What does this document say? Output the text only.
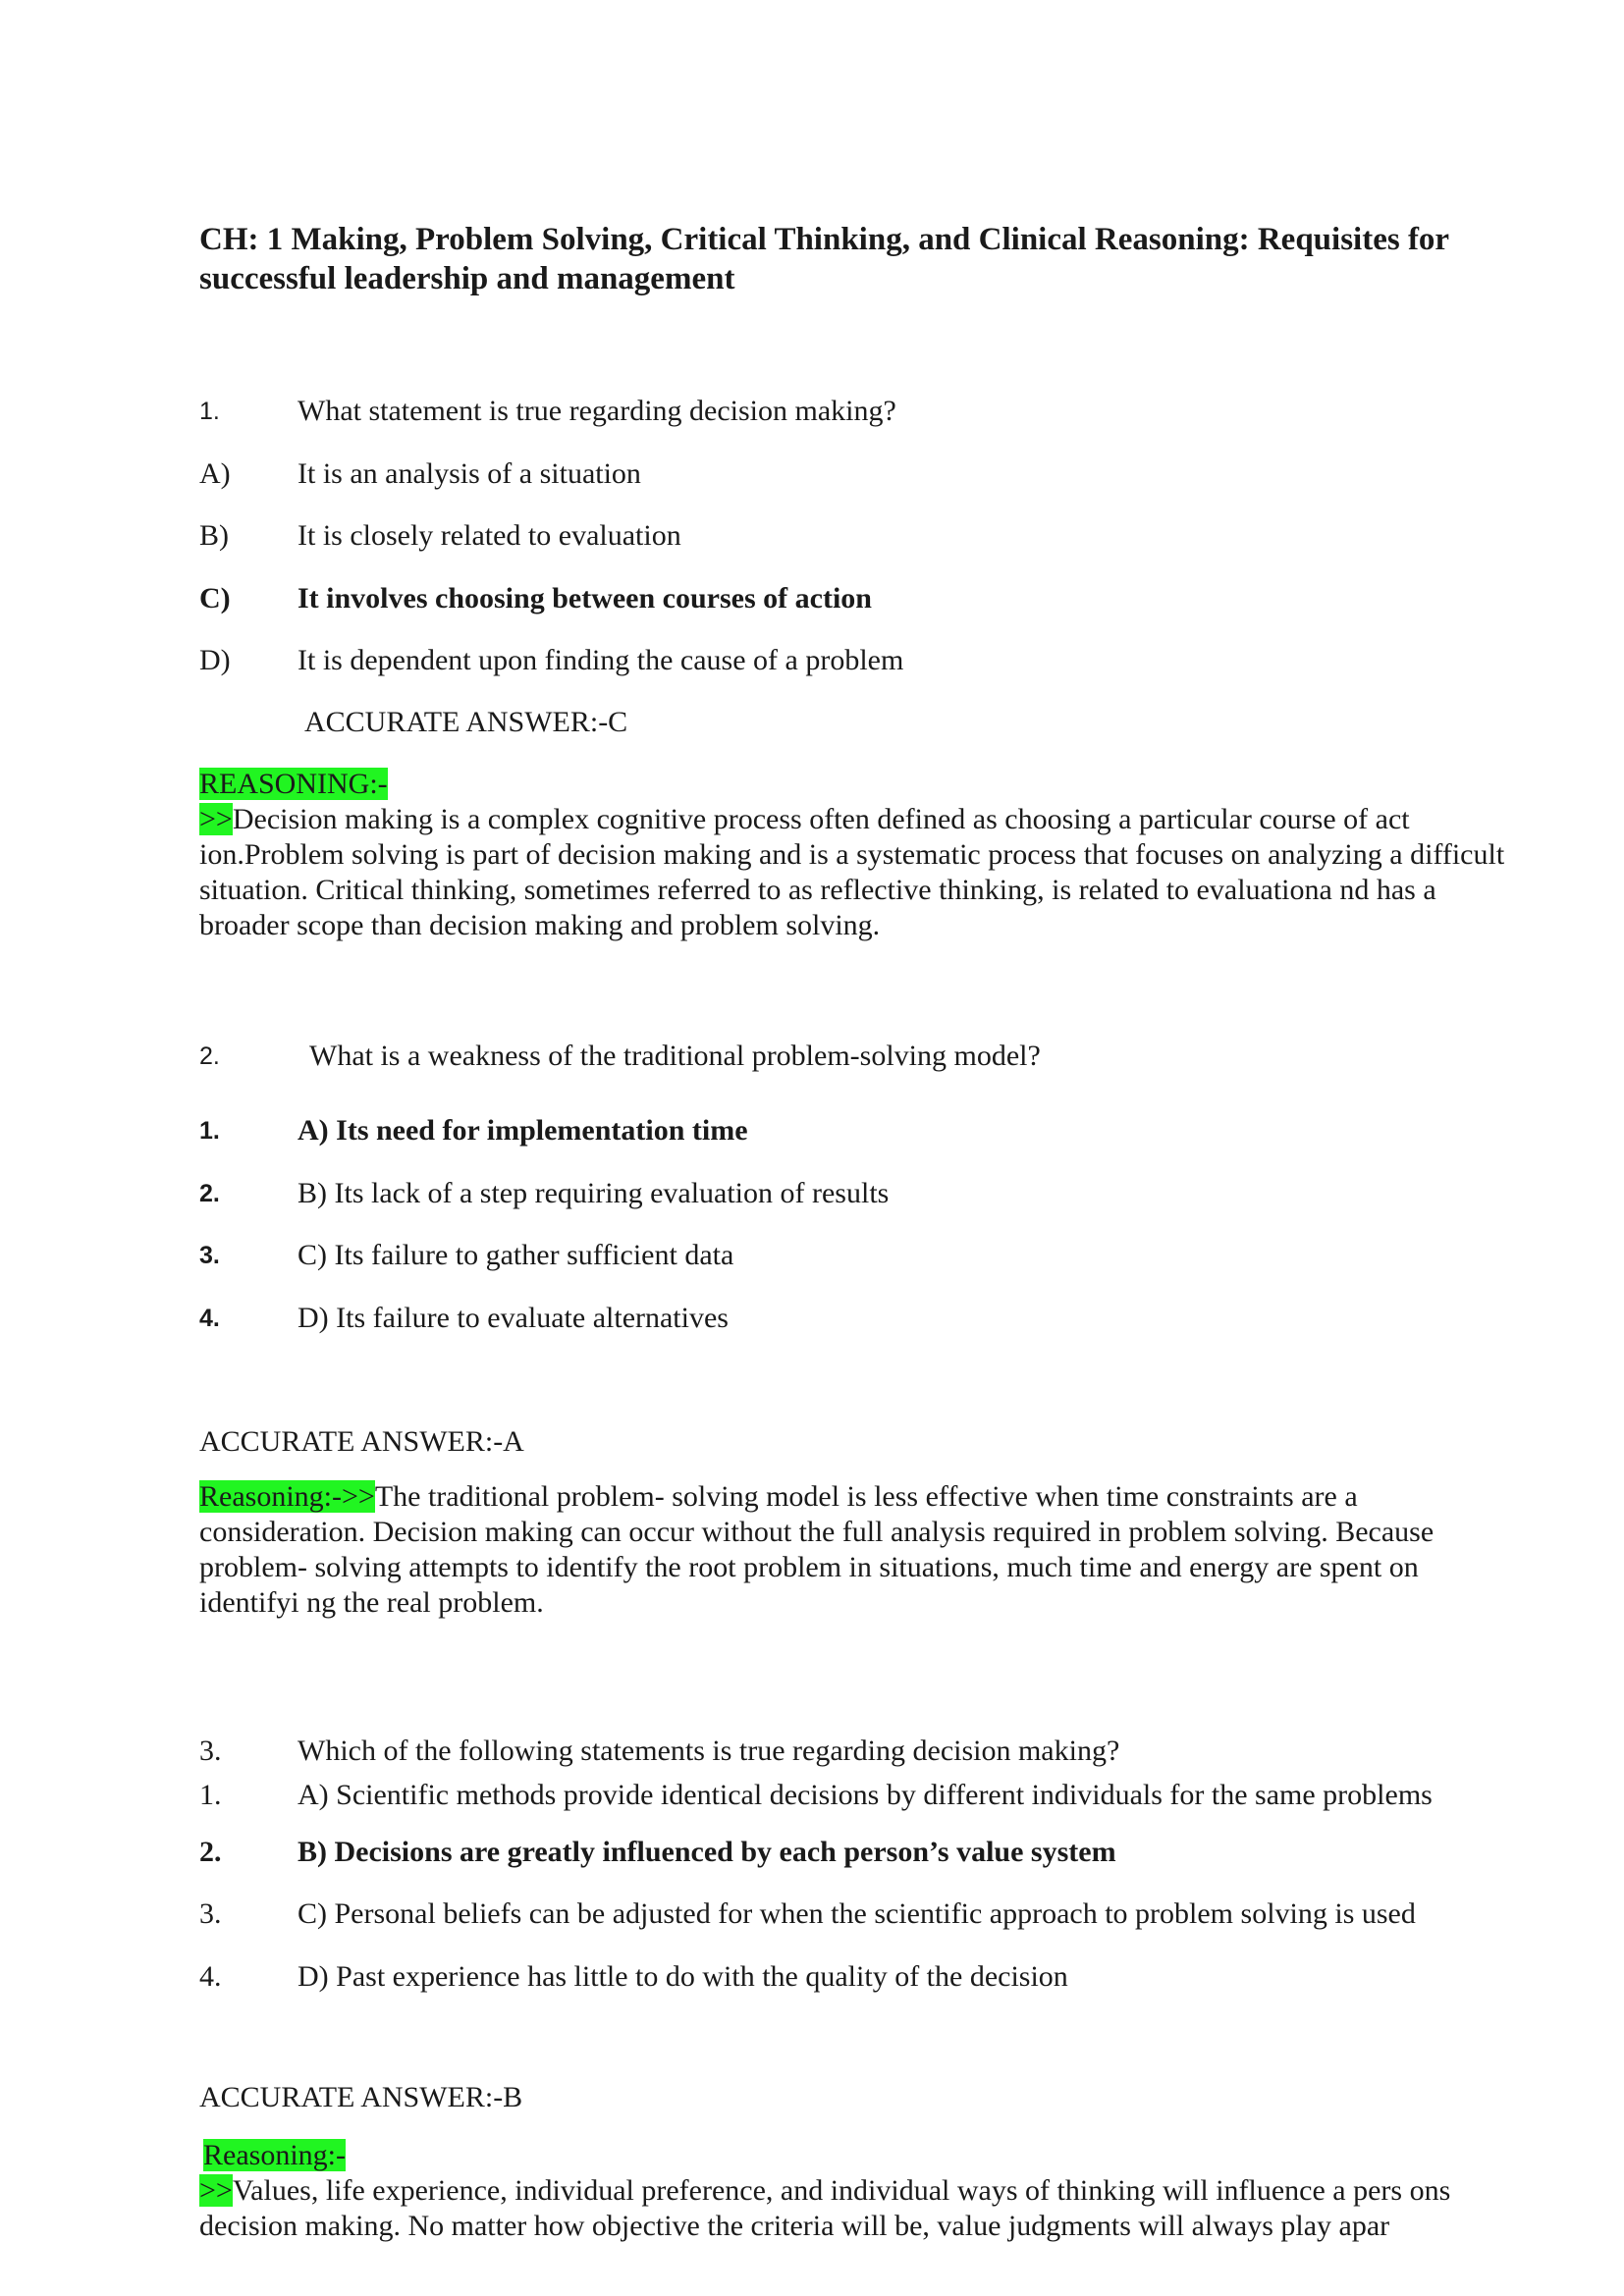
CH: 1 Making, Problem Solving, Critical Thinking, and Clinical Reasoning: Requisites for successful leadership and management
1.	What statement is true regarding decision making?
A)	It is an analysis of a situation
B)	It is closely related to evaluation
C)	It involves choosing between courses of action
D)	It is dependent upon finding the cause of a problem
ACCURATE ANSWER:-C

REASONING:-
>>Decision making is a complex cognitive process often defined as choosing a particular course of act ion.Problem solving is part of decision making and is a systematic process that focuses on analyzing a difficult situation. Critical thinking, sometimes referred to as reflective thinking, is related to evaluationa nd has a broader scope than decision making and problem solving.

2.	What is a weakness of the traditional problem-solving model?
1.	A) Its need for implementation time
2.	B) Its lack of a step requiring evaluation of results
3.	C) Its failure to gather sufficient data
4.	D) Its failure to evaluate alternatives
ACCURATE ANSWER:-A

Reasoning:->>The traditional problem- solving model is less effective when time constraints are a consideration. Decision making can occur without the full analysis required in problem solving. Because problem- solving attempts to identify the root problem in situations, much time and energy are spent on identifyi ng the real problem.

3.	Which of the following statements is true regarding decision making?
1.	A) Scientific methods provide identical decisions by different individuals for the same problems
2.	B) Decisions are greatly influenced by each person’s value system
3.	C) Personal beliefs can be adjusted for when the scientific approach to problem solving is used
4.	D) Past experience has little to do with the quality of the decision
ACCURATE ANSWER:-B

Reasoning:-
>>Values, life experience, individual preference, and individual ways of thinking will influence a pers ons decision making. No matter how objective the criteria will be, value judgments will always play apar
